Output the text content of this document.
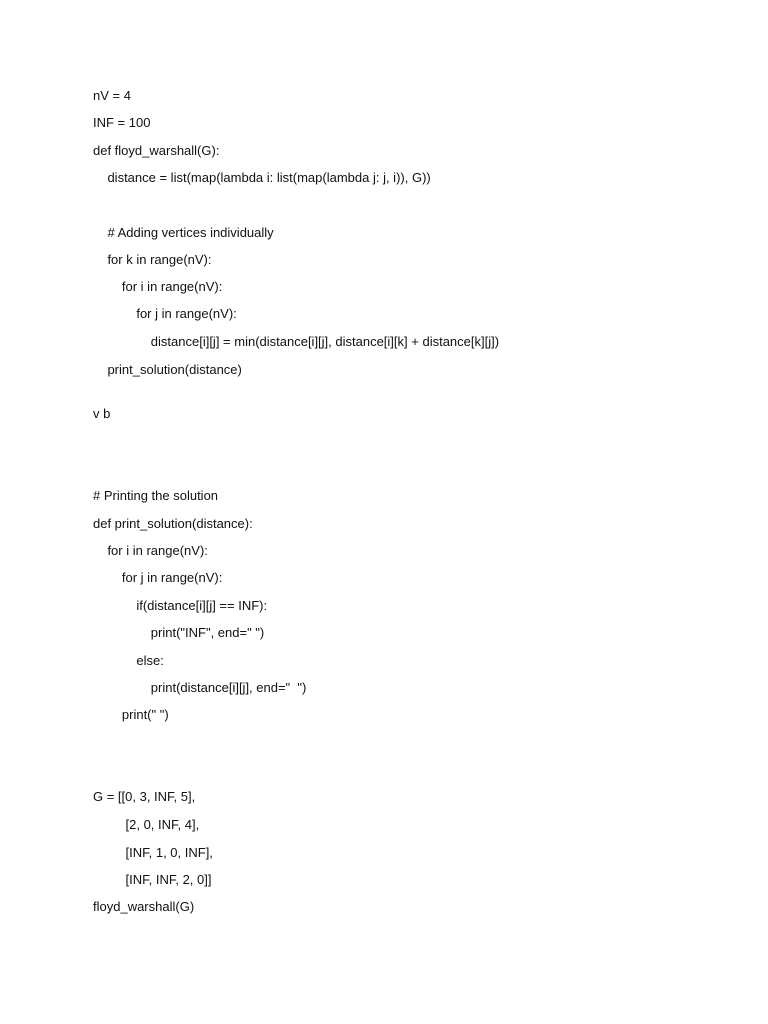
nV = 4
INF = 100
def floyd_warshall(G):
distance = list(map(lambda i: list(map(lambda j: j, i)), G))
# Adding vertices individually
for k in range(nV):
for i in range(nV):
for j in range(nV):
distance[i][j] = min(distance[i][j], distance[i][k] + distance[k][j])
print_solution(distance)
v b
# Printing the solution
def print_solution(distance):
for i in range(nV):
for j in range(nV):
if(distance[i][j] == INF):
print("INF", end=" ")
else:
print(distance[i][j], end="  ")
print(" ")
G = [[0, 3, INF, 5],
[2, 0, INF, 4],
[INF, 1, 0, INF],
[INF, INF, 2, 0]]
floyd_warshall(G)
